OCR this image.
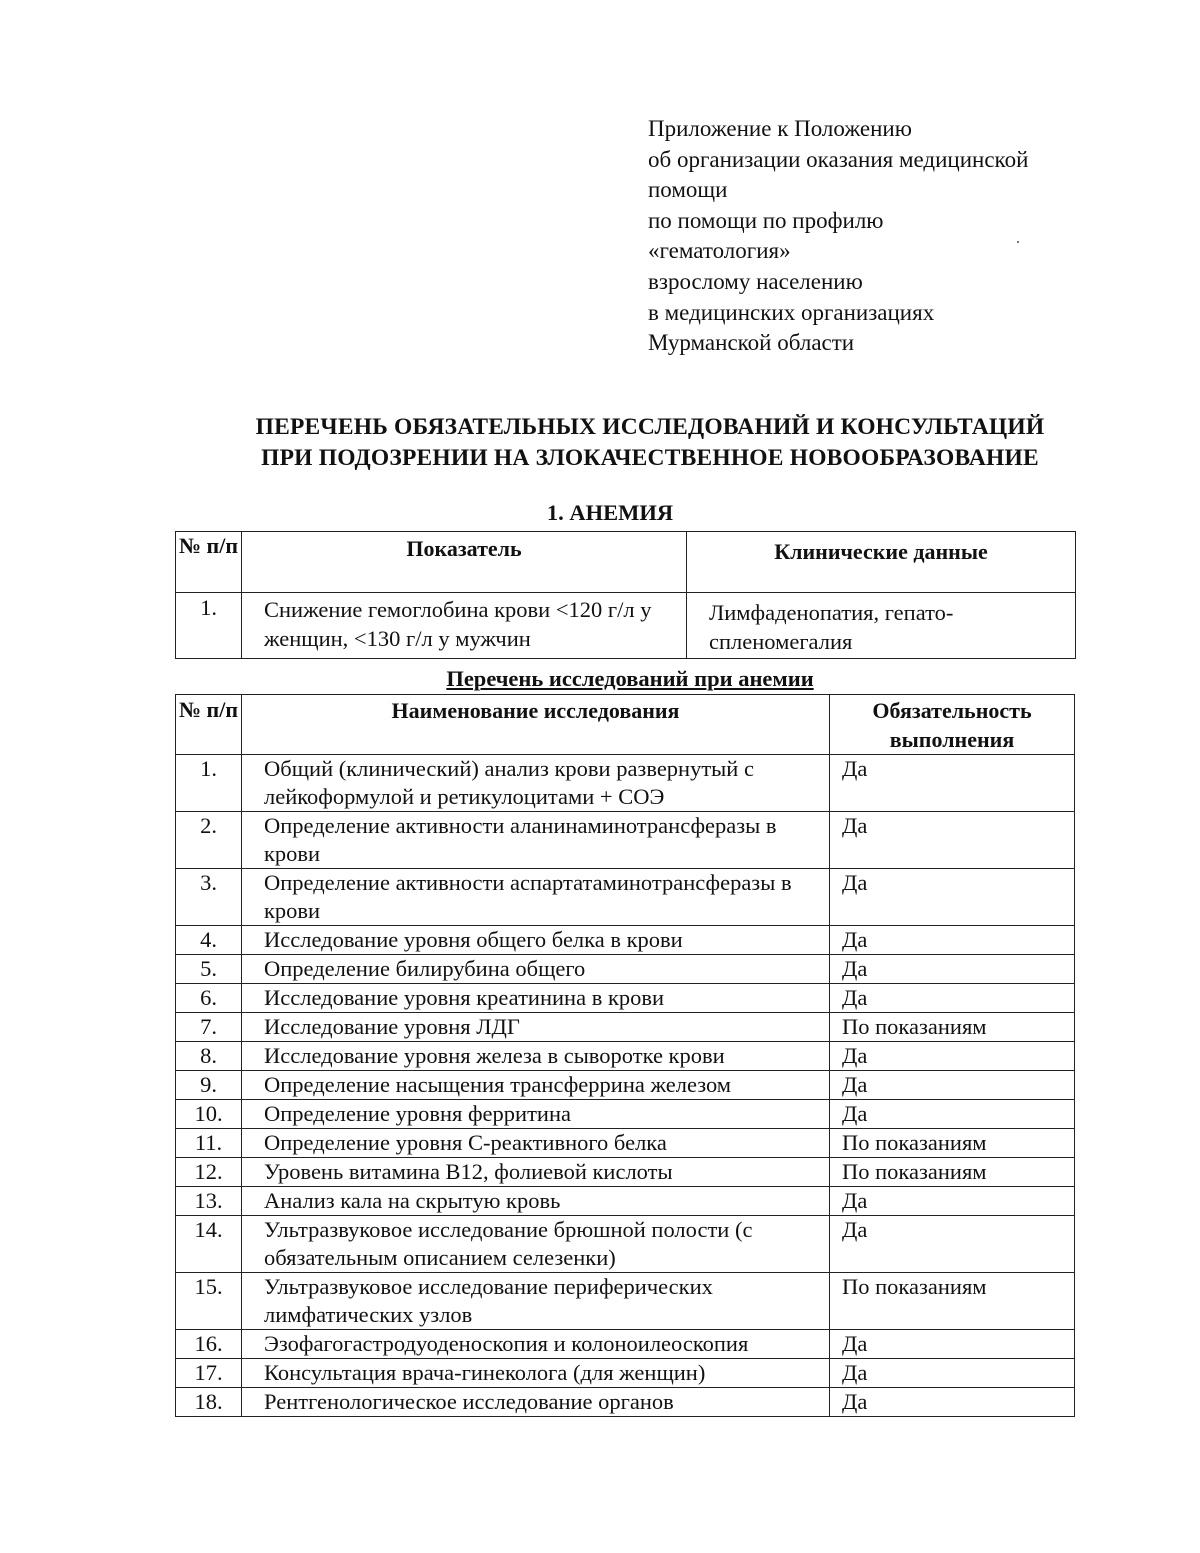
Приложение к Положению
об организации оказания медицинской
помощи
по помощи по профилю
«гематология»
взрослому населению
в медицинских организациях
Мурманской области
ПЕРЕЧЕНЬ ОБЯЗАТЕЛЬНЫХ ИССЛЕДОВАНИЙ И КОНСУЛЬТАЦИЙ
ПРИ ПОДОЗРЕНИИ НА ЗЛОКАЧЕСТВЕННОЕ НОВООБРАЗОВАНИЕ
1. АНЕМИЯ
№ п/п	Показатель	Клинические данные
1.	Снижение гемоглобина крови <120 г/л у женщин, <130 г/л у мужчин	Лимфаденопатия, гепато-спленомегалия
Перечень исследований при анемии
№ п/п	Наименование исследования	Обязательность выполнения
1.	Общий (клинический) анализ крови развернутый с лейкоформулой и ретикулоцитами + СОЭ	Да
2.	Определение активности аланинаминотрансферазы в крови	Да
3.	Определение активности аспартатаминотрансферазы в крови	Да
4.	Исследование уровня общего белка в крови	Да
5.	Определение билирубина общего	Да
6.	Исследование уровня креатинина в крови	Да
7.	Исследование уровня ЛДГ	По показаниям
8.	Исследование уровня железа в сыворотке крови	Да
9.	Определение насыщения трансферрина железом	Да
10.	Определение уровня ферритина	Да
11.	Определение уровня С-реактивного белка	По показаниям
12.	Уровень витамина В12, фолиевой кислоты	По показаниям
13.	Анализ кала на скрытую кровь	Да
14.	Ультразвуковое исследование брюшной полости (с обязательным описанием селезенки)	Да
15.	Ультразвуковое исследование периферических лимфатических узлов	По показаниям
16.	Эзофагогастродуоденоскопия и колоноилеоскопия	Да
17.	Консультация врача-гинеколога (для женщин)	Да
18.	Рентгенологическое исследование органов	Да
